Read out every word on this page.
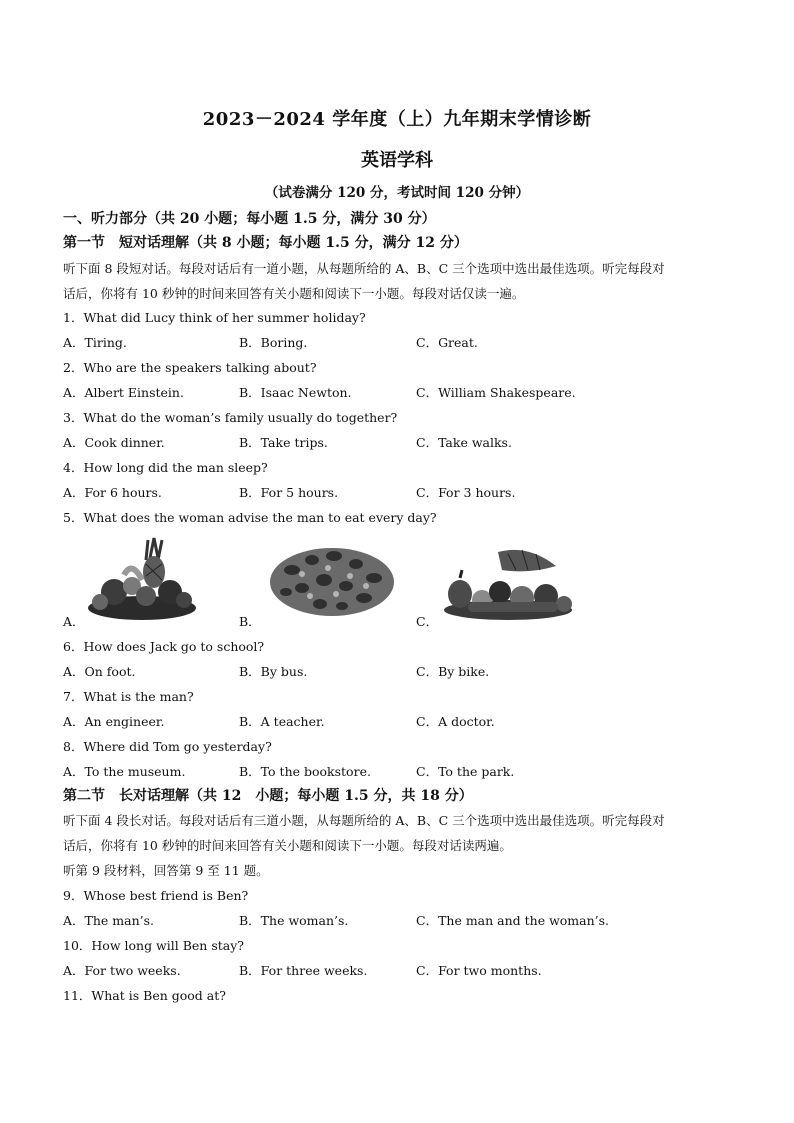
2023－2024 学年度（上）九年期末学情诊断
英语学科
（试卷满分 120 分，考试时间 120 分钟）
一、听力部分（共 20 小题；每小题 1.5 分，满分 30 分）
第一节　短对话理解（共 8 小题；每小题 1.5 分，满分 12 分）
听下面 8 段短对话。每段对话后有一道小题，从每题所给的 A、B、C 三个选项中选出最佳选项。听完每段对
话后，你将有 10 秒钟的时间来回答有关小题和阅读下一小题。每段对话仅读一遍。
1．What did Lucy think of her summer holiday?
A．Tiring.	B．Boring.	C．Great.
2．Who are the speakers talking about?
A．Albert Einstein.	B．Isaac Newton.	C．William Shakespeare.
3．What do the woman’s family usually do together?
A．Cook dinner.	B．Take trips.	C．Take walks.
4．How long did the man sleep?
A．For 6 hours.	B．For 5 hours.	C．For 3 hours.
5．What does the woman advise the man to eat every day?
A．	B．	C．
6．How does Jack go to school?
A．On foot.	B．By bus.	C．By bike.
7．What is the man?
A．An engineer.	B．A teacher.	C．A doctor.
8．Where did Tom go yesterday?
A．To the museum.	B．To the bookstore.	C．To the park.
第二节　长对话理解（共 12　小题；每小题 1.5 分，共 18 分）
听下面 4 段长对话。每段对话后有三道小题，从每题所给的 A、B、C 三个选项中选出最佳选项。听完每段对
话后，你将有 10 秒钟的时间来回答有关小题和阅读下一小题。每段对话读两遍。
听第 9 段材料，回答第 9 至 11 题。
9．Whose best friend is Ben?
A．The man’s.	B．The woman’s.	C．The man and the woman’s.
10．How long will Ben stay?
A．For two weeks.	B．For three weeks.	C．For two months.
11．What is Ben good at?
